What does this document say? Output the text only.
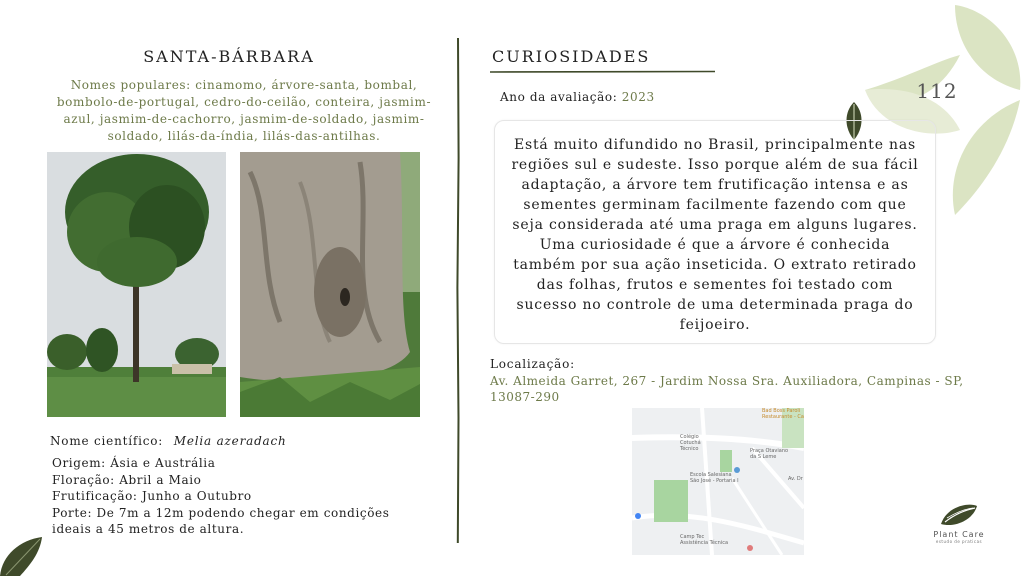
112
SANTA-BÁRBARA
Nomes populares: cinamomo, árvore-santa, bombal, bombolo-de-portugal, cedro-do-ceilão, conteira, jasmim-azul, jasmim-de-cachorro, jasmim-de-soldado, jasmim-soldado, lilás-da-índia, lilás-das-antilhas.
Nome científico: Melia azeradach
Origem: Ásia e Austrália
Floração: Abril a Maio
Frutificação: Junho a Outubro
Porte: De 7m a 12m podendo chegar em condições ideais a 45 metros de altura.
CURIOSIDADES
Ano da avaliação: 2023
Está muito difundido no Brasil, principalmente nas regiões sul e sudeste. Isso porque além de sua fácil adaptação, a árvore tem frutificação intensa e as sementes germinam facilmente fazendo com que seja considerada até uma praga em alguns lugares. Uma curiosidade é que a árvore é conhecida também por sua ação inseticida. O extrato retirado das folhas, frutos e sementes foi testado com sucesso no controle de uma determinada praga do feijoeiro.
Localização:
Av. Almeida Garret, 267 - Jardim Nossa Sra. Auxiliadora, Campinas - SP, 13087-290
Bad Boss Paroli Restaurante - Ca
Colégio Cotuchá Técnico	Praça Otaviano da S Leme
Escola Salesiana São José - Portaria I
Camp Tec Assistência Técnica
Av. Dr
Plant Care
estudo de praticas
